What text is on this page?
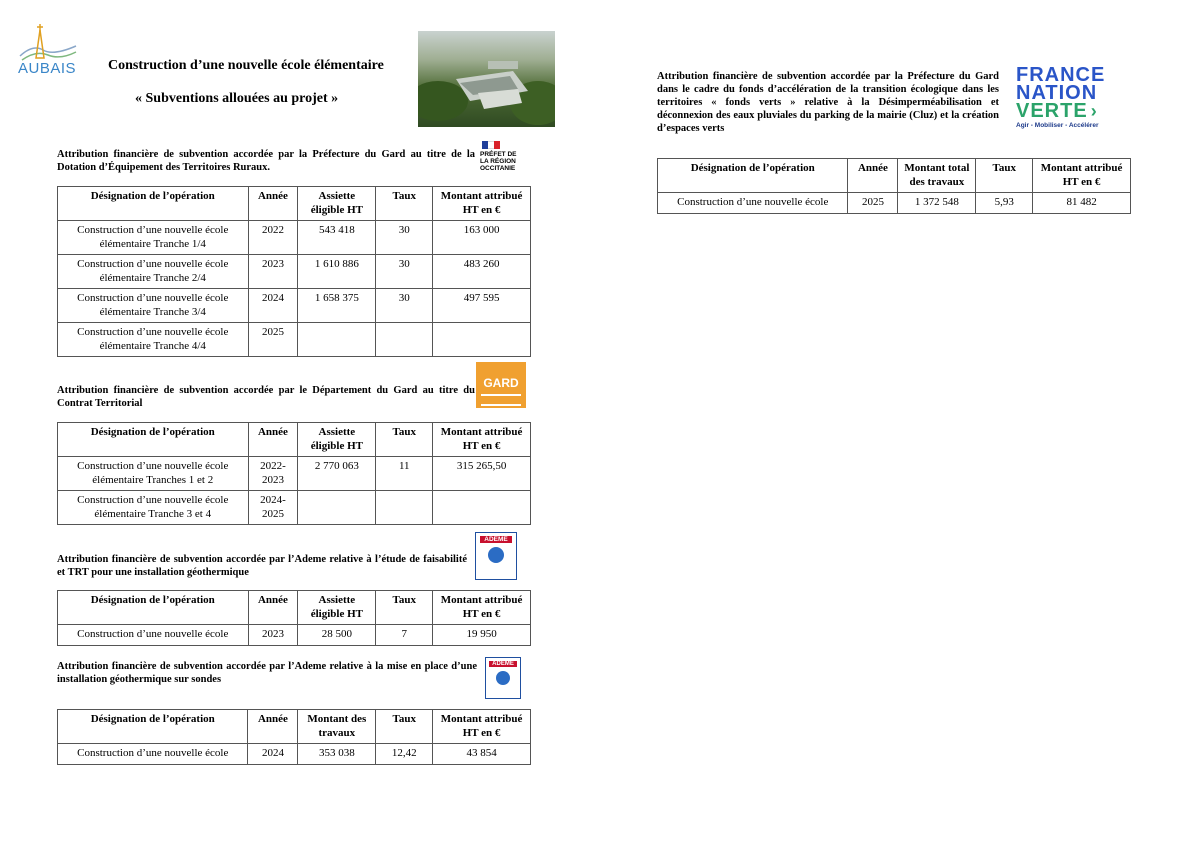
AUBAIS Construction d’une nouvelle école élémentaire
« Subventions allouées au projet »
Attribution financière de subvention accordée par la Préfecture du Gard au titre de la Dotation d’Équipement des Territoires Ruraux.
PRÉFET DE LA RÉGION OCCITANIE
Désignation de l’opération	Année	Assiette éligible HT	Taux	Montant attribué HT en €
Construction d’une nouvelle école élémentaire Tranche 1/4	2022	543 418	30	163 000
Construction d’une nouvelle école élémentaire Tranche 2/4	2023	1 610 886	30	483 260
Construction d’une nouvelle école élémentaire Tranche 3/4	2024	1 658 375	30	497 595
Construction d’une nouvelle école élémentaire Tranche 4/4	2025			
Attribution financière de subvention accordée par le Département du Gard au titre du Contrat Territorial
GARD
Désignation de l’opération	Année	Assiette éligible HT	Taux	Montant attribué HT en €
Construction d’une nouvelle école élémentaire Tranches 1 et 2	2022-2023	2 770 063	11	315 265,50
Construction d’une nouvelle école élémentaire Tranche 3 et 4	2024-2025			
Attribution financière de subvention accordée par l’Ademe relative à l’étude de faisabilité et TRT pour une installation géothermique
ADEME
Désignation de l’opération	Année	Assiette éligible HT	Taux	Montant attribué HT en €
Construction d’une nouvelle école	2023	28 500	7	19 950
Attribution financière de subvention accordée par l’Ademe relative à la mise en place d’une installation géothermique sur sondes
ADEME
Désignation de l’opération	Année	Montant des travaux	Taux	Montant attribué HT en €
Construction d’une nouvelle école	2024	353 038	12,42	43 854
Attribution financière de subvention accordée par la Préfecture du Gard dans le cadre du fonds d’accélération de la transition écologique dans les territoires « fonds verts » relative à la Désimperméabilisation et déconnexion des eaux pluviales du parking de la mairie (Cluz) et la création d’espaces verts
FRANCE
NATION
VERTE ›
Agir - Mobiliser - Accélérer
Désignation de l’opération	Année	Montant total des travaux	Taux	Montant attribué HT en €
Construction d’une nouvelle école	2025	1 372 548	5,93	81 482
